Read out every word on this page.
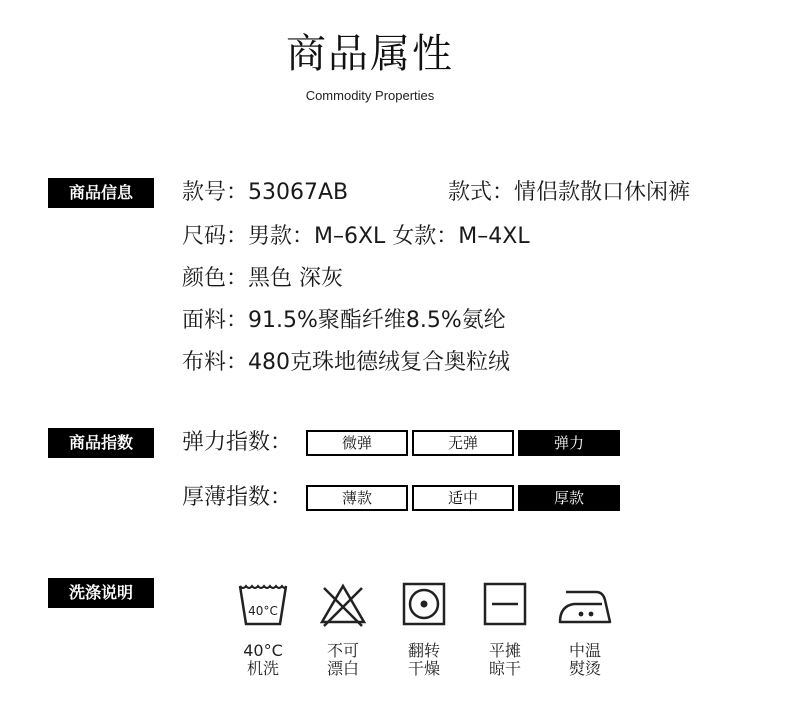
商品属性
Commodity Properties
商品信息	款号：53067AB	款式：情侣款散口休闲裤
尺码：男款：M–6XL 女款：M–4XL
颜色：黑色 深灰
面料：91.5%聚酯纤维8.5%氨纶
布料：480克珠地德绒复合奥粒绒
商品指数	弹力指数：	微弹	无弹	弹力
厚薄指数：	薄款	适中	厚款
洗涤说明
40°C
40°C
机洗
不可
漂白
翻转
干燥
平摊
晾干
中温
熨烫
